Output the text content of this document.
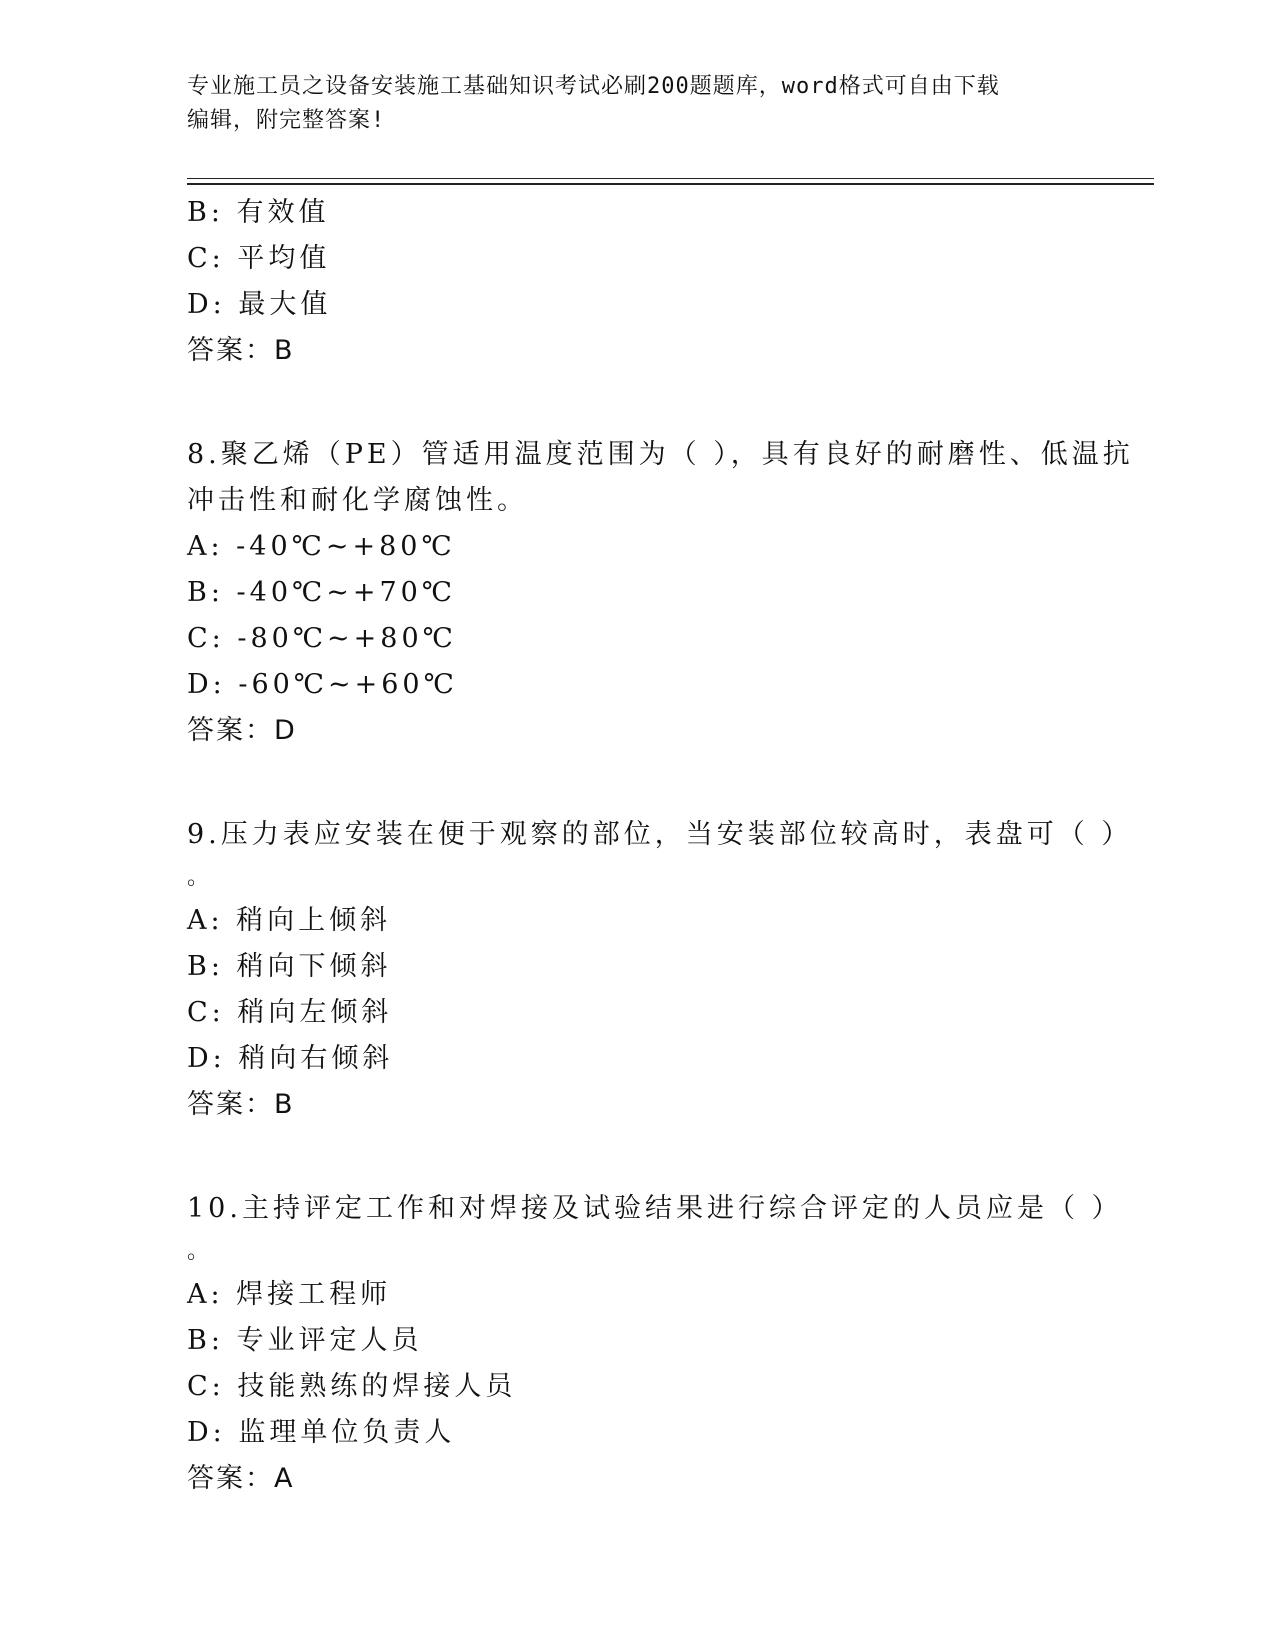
专业施工员之设备安装施工基础知识考试必刷200题题库，word格式可自由下载
编辑，附完整答案!
B: 有效值
C: 平均值
D: 最大值
答案：B
8.聚乙烯（PE）管适用温度范围为（ ），具有良好的耐磨性、低温抗
冲击性和耐化学腐蚀性。
A: -40℃~+80℃
B: -40℃~+70℃
C: -80℃~+80℃
D: -60℃~+60℃
答案：D
9.压力表应安装在便于观察的部位，当安装部位较高时，表盘可（ ）
。
A: 稍向上倾斜
B: 稍向下倾斜
C: 稍向左倾斜
D: 稍向右倾斜
答案：B
10.主持评定工作和对焊接及试验结果进行综合评定的人员应是（ ）
。
A: 焊接工程师
B: 专业评定人员
C: 技能熟练的焊接人员
D: 监理单位负责人
答案：A
